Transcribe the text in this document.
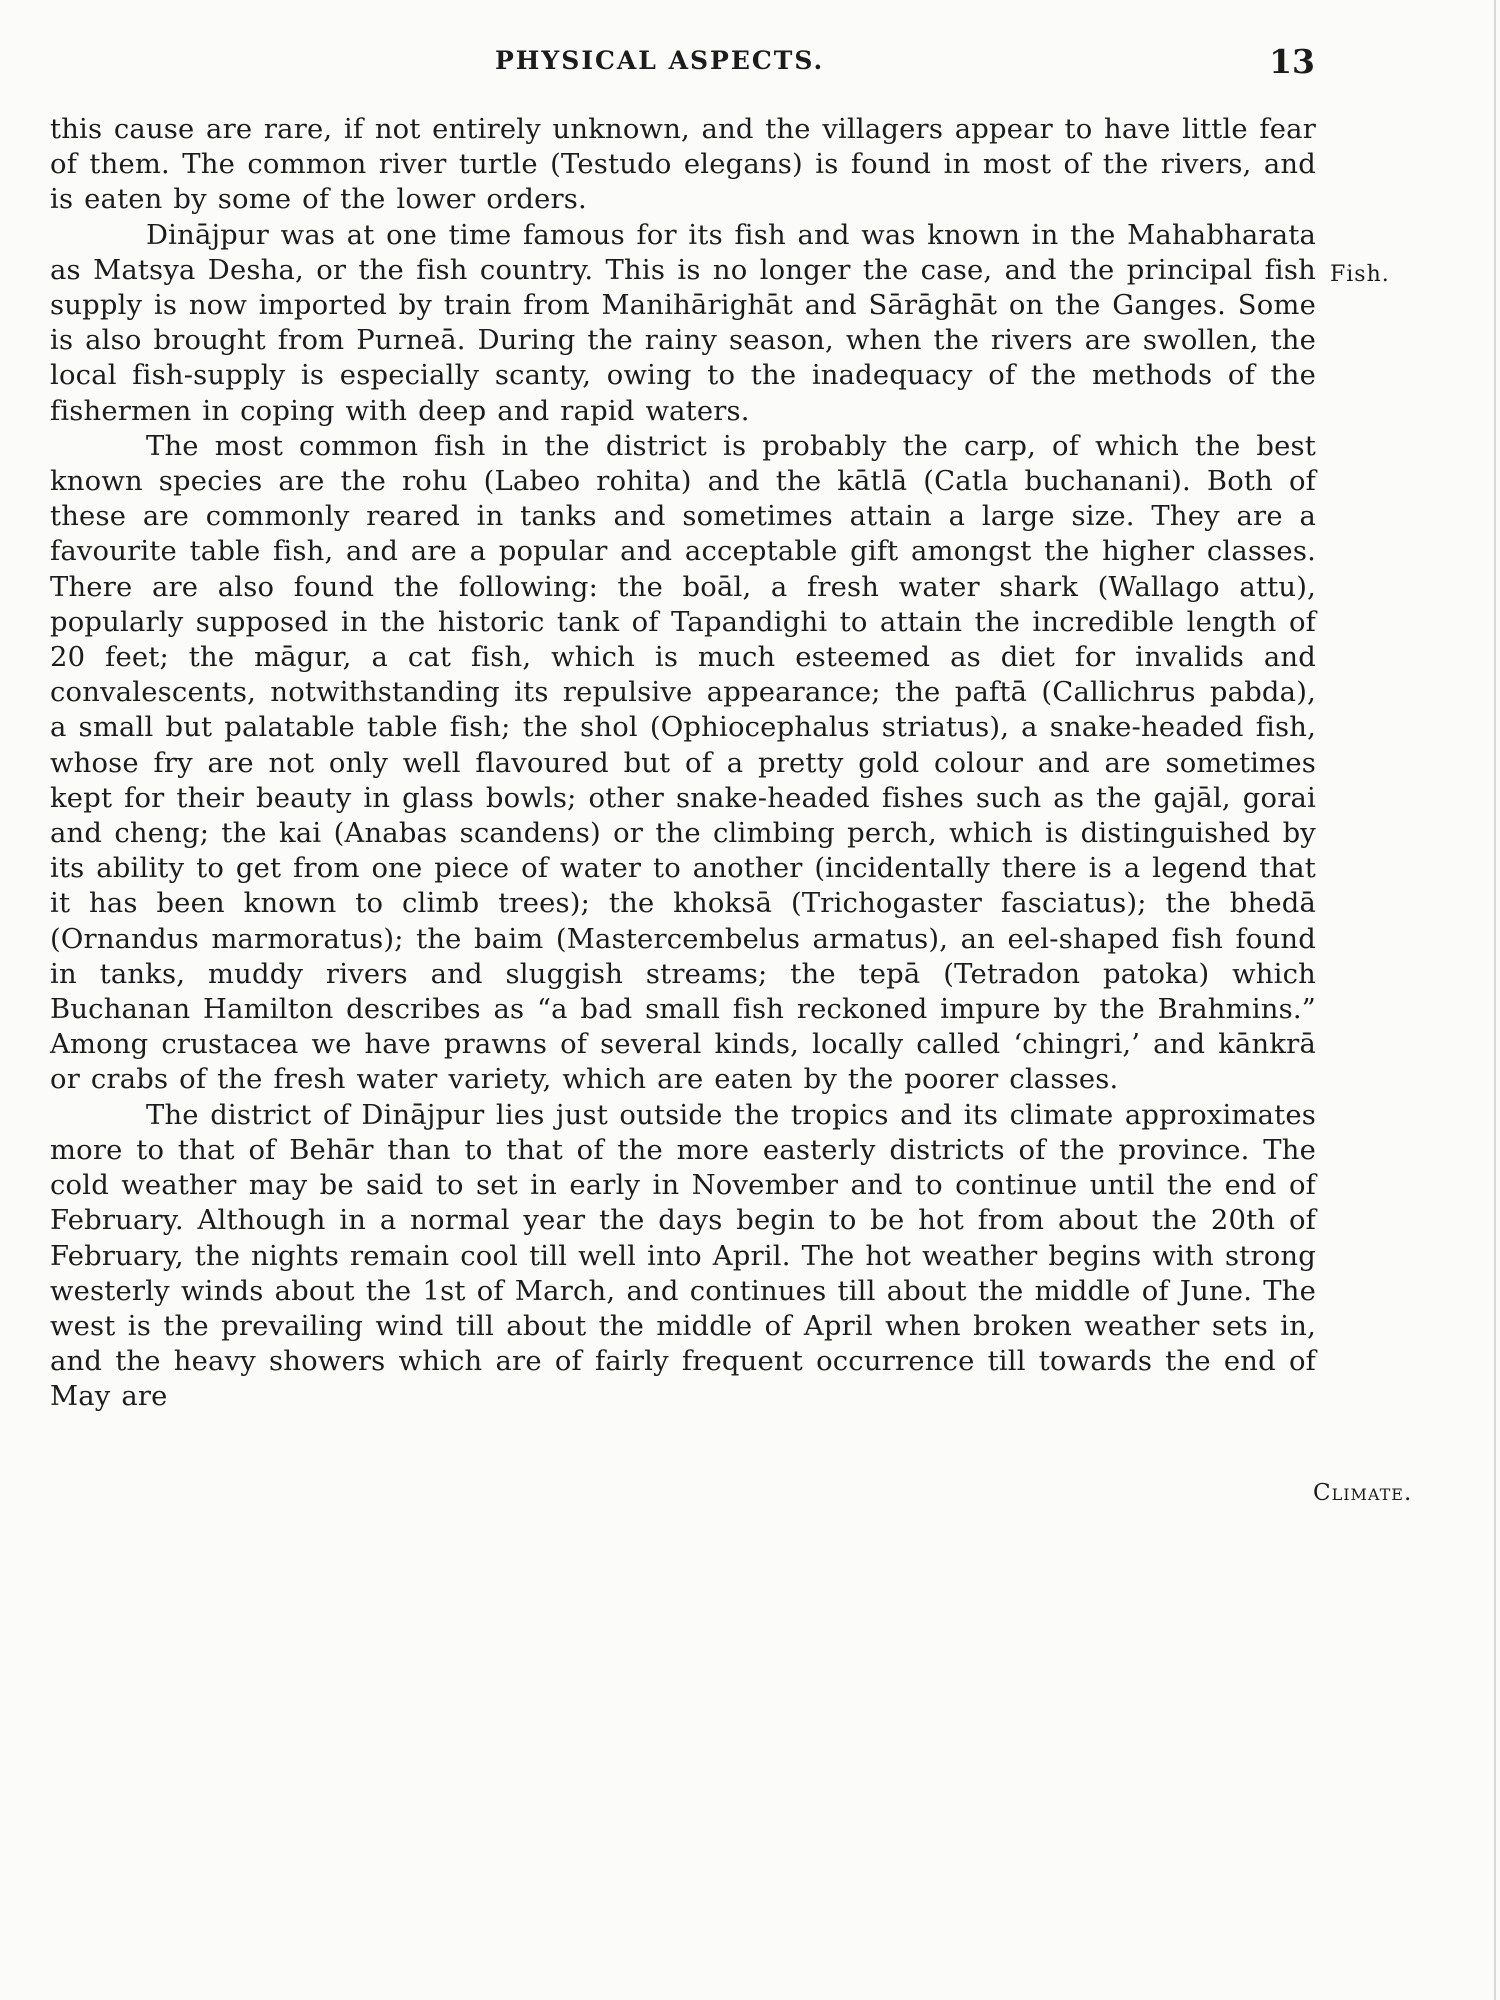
PHYSICAL ASPECTS.	13

this cause are rare, if not entirely unknown, and the villagers appear to have little fear of them. The common river turtle (Testudo elegans) is found in most of the rivers, and is eaten by some of the lower orders.

Dinājpur was at one time famous for its fish and was known in the Mahabharata as Matsya Desha, or the fish country. This is no longer the case, and the principal fish supply is now imported by train from Manihārighāt and Sārāghāt on the Ganges. Some is also brought from Purneā. During the rainy season, when the rivers are swollen, the local fish-supply is especially scanty, owing to the inadequacy of the methods of the fishermen in coping with deep and rapid waters.

The most common fish in the district is probably the carp, of which the best known species are the rohu (Labeo rohita) and the kātlā (Catla buchanani). Both of these are commonly reared in tanks and sometimes attain a large size. They are a favourite table fish, and are a popular and acceptable gift amongst the higher classes. There are also found the following: the boāl, a fresh water shark (Wallago attu), popularly supposed in the historic tank of Tapandighi to attain the incredible length of 20 feet; the māgur, a cat fish, which is much esteemed as diet for invalids and convalescents, notwithstanding its repulsive appearance; the paftā (Callichrus pabda), a small but palatable table fish; the shol (Ophiocephalus striatus), a snake-headed fish, whose fry are not only well flavoured but of a pretty gold colour and are sometimes kept for their beauty in glass bowls; other snake-headed fishes such as the gajāl, gorai and cheng; the kai (Anabas scandens) or the climbing perch, which is distinguished by its ability to get from one piece of water to another (incidentally there is a legend that it has been known to climb trees); the khoksā (Trichogaster fasciatus); the bhedā (Ornandus marmoratus); the baim (Mastercembelus armatus), an eel-shaped fish found in tanks, muddy rivers and sluggish streams; the tepā (Tetradon patoka) which Buchanan Hamilton describes as “a bad small fish reckoned impure by the Brahmins.” Among crustacea we have prawns of several kinds, locally called ‘chingri,’ and kānkrā or crabs of the fresh water variety, which are eaten by the poorer classes.

The district of Dinājpur lies just outside the tropics and its climate approximates more to that of Behār than to that of the more easterly districts of the province. The cold weather may be said to set in early in November and to continue until the end of February. Although in a normal year the days begin to be hot from about the 20th of February, the nights remain cool till well into April. The hot weather begins with strong westerly winds about the 1st of March, and continues till about the middle of June. The west is the prevailing wind till about the middle of April when broken weather sets in, and the heavy showers which are of fairly frequent occurrence till towards the end of May are

Fish.
Climate.
